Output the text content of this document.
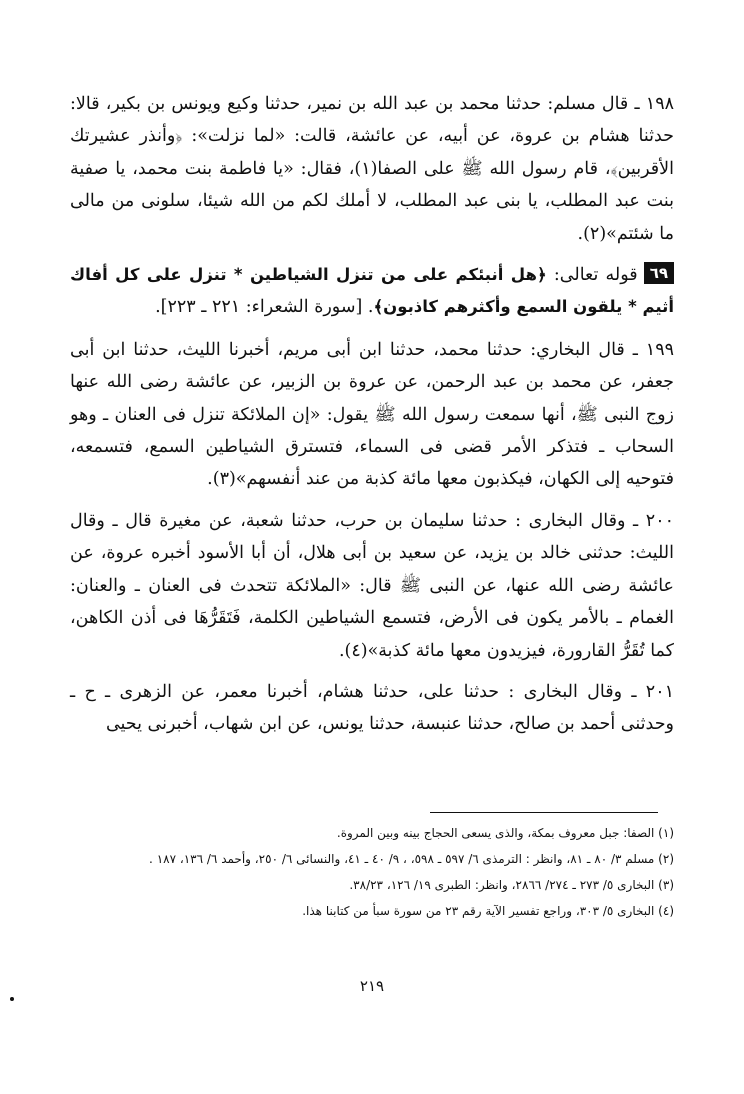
١٩٨ ـ قال مسلم: حدثنا محمد بن عبد الله بن نمير، حدثنا وكيع ويونس بن بكير، قالا: حدثنا هشام بن عروة، عن أبيه، عن عائشة، قالت: «لما نزلت»: ﴿وأنذر عشيرتك الأقربين﴾، قام رسول الله ﷺ على الصفا(١)، فقال: «يا فاطمة بنت محمد، يا صفية بنت عبد المطلب، يا بنى عبد المطلب، لا أملك لكم من الله شيئا، سلونى من مالى ما شئتم»(٢).

٦٩قوله تعالى: ﴿هل أنبئكم على من تنزل الشياطين * تنزل على كل أفاك أثيم * يلقون السمع وأكثرهم كاذبون﴾. [سورة الشعراء: ٢٢١ ـ ٢٢٣].

١٩٩ ـ قال البخاري: حدثنا محمد، حدثنا ابن أبى مريم، أخبرنا الليث، حدثنا ابن أبى جعفر، عن محمد بن عبد الرحمن، عن عروة بن الزبير، عن عائشة رضى الله عنها زوج النبى ﷺ، أنها سمعت رسول الله ﷺ يقول: «إن الملائكة تنزل فى العنان ـ وهو السحاب ـ فتذكر الأمر قضى فى السماء، فتسترق الشياطين السمع، فتسمعه، فتوحيه إلى الكهان، فيكذبون معها مائة كذبة من عند أنفسهم»(٣).

٢٠٠ ـ وقال البخارى : حدثنا سليمان بن حرب، حدثنا شعبة، عن مغيرة قال ـ وقال الليث: حدثنى خالد بن يزيد، عن سعيد بن أبى هلال، أن أبا الأسود أخبره عروة، عن عائشة رضى الله عنها، عن النبى ﷺ قال: «الملائكة تتحدث فى العنان ـ والعنان: الغمام ـ بالأمر يكون فى الأرض، فتسمع الشياطين الكلمة، فَتَقَرُّهَا فى أذن الكاهن، كما تُقَرُّ القارورة، فيزيدون معها مائة كذبة»(٤).

٢٠١ ـ وقال البخارى : حدثنا على، حدثنا هشام، أخبرنا معمر، عن الزهرى ـ ح ـ وحدثنى أحمد بن صالح، حدثنا عنبسة، حدثنا يونس، عن ابن شهاب، أخبرنى يحيى

(١) الصفا: جبل معروف بمكة، والذى يسعى الحجاج بينه وبين المروة.

(٢) مسلم ٣/ ٨٠ ـ ٨١، وانظر : الترمذى ٦/ ٥٩٧ ـ ٥٩٨، ، ٩/ ٤٠ ـ ٤١، والنسائى ٦/ ٢٥٠، وأحمد ٦/ ١٣٦، ١٨٧ .

(٣) البخارى ٥/ ٢٧٣ ـ ٢٧٤/ ٢٨٦٦، وانظر: الطبرى ١٩/ ١٢٦، ٣٨/٢٣.

(٤) البخارى ٥/ ٣٠٣، وراجع تفسير الآية رقم ٢٣ من سورة سبأ من كتابنا هذا.

٢١٩
